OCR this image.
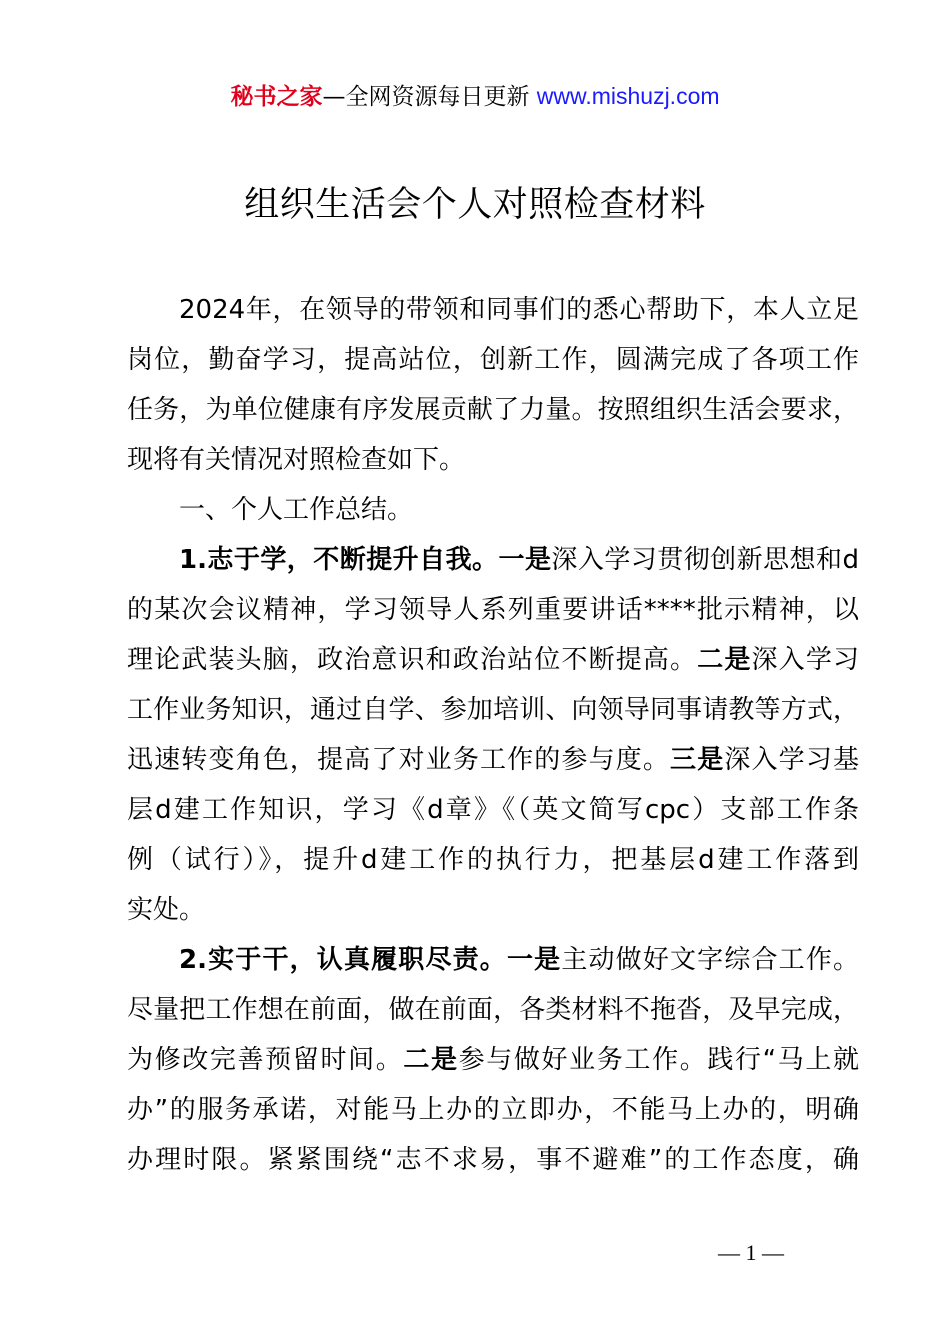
秘书之家—全网资源每日更新 www.mishuzj.com
组织生活会个人对照检查材料
2024年，在领导的带领和同事们的悉心帮助下，本人立足
岗位，勤奋学习，提高站位，创新工作，圆满完成了各项工作
任务，为单位健康有序发展贡献了力量。按照组织生活会要求，
现将有关情况对照检查如下。
一、个人工作总结。
1.志于学，不断提升自我。一是深入学习贯彻创新思想和d
的某次会议精神，学习领导人系列重要讲话****批示精神，以
理论武装头脑，政治意识和政治站位不断提高。二是深入学习
工作业务知识，通过自学、参加培训、向领导同事请教等方式，
迅速转变角色，提高了对业务工作的参与度。三是深入学习基
层d建工作知识，学习《d章》《（英文简写cpc）支部工作条
例（试行）》，提升d建工作的执行力，把基层d建工作落到
实处。
2.实于干，认真履职尽责。一是主动做好文字综合工作。
尽量把工作想在前面，做在前面，各类材料不拖沓，及早完成，
为修改完善预留时间。二是参与做好业务工作。践行“马上就
办”的服务承诺，对能马上办的立即办，不能马上办的，明确
办理时限。紧紧围绕“志不求易，事不避难”的工作态度，确
— 1 —
